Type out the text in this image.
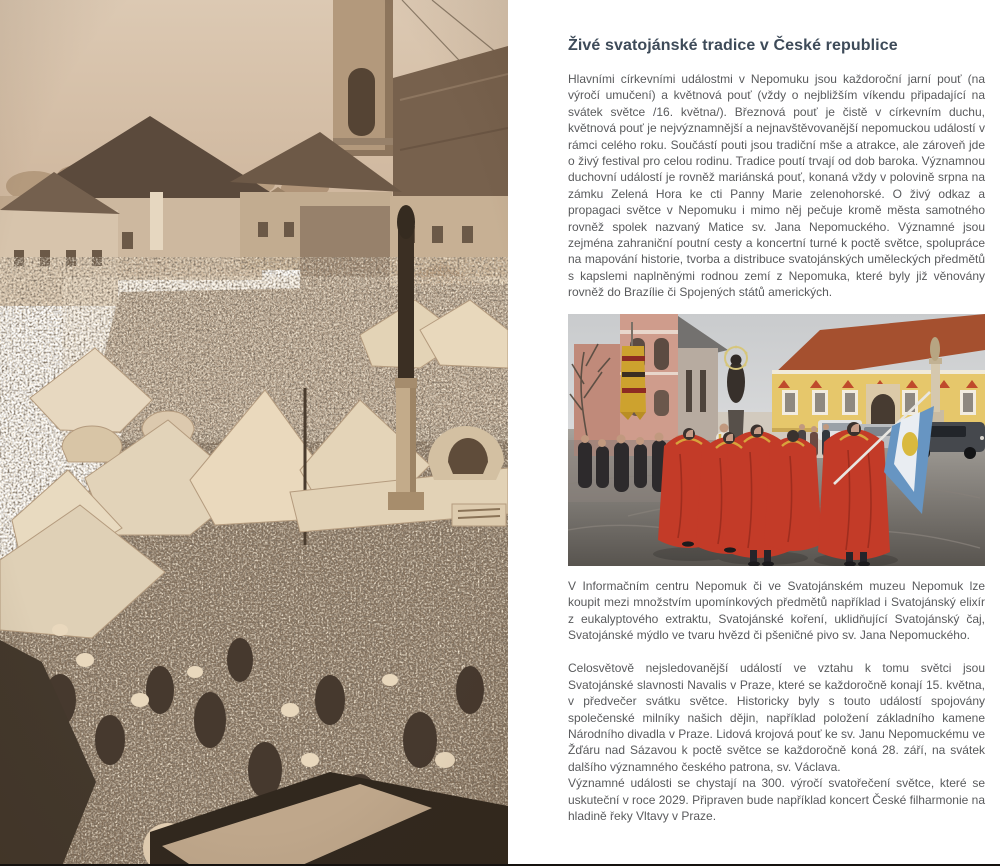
Živé svatojánské tradice v České republice

Hlavními církevními událostmi v Nepomuku jsou každoroční jarní pouť (na výročí umučení) a květnová pouť (vždy o nejbližším víkendu připadající na svátek světce /16. května/). Březnová pouť je čistě v církevním duchu, květnová pouť je nejvýznamnější a nejnavštěvovanější nepomuckou událostí v rámci celého roku. Součástí pouti jsou tradiční mše a atrakce, ale zároveň jde o živý festival pro celou rodinu. Tradice poutí trvají od dob baroka. Významnou duchovní událostí je rovněž mariánská pouť, konaná vždy v polovině srpna na zámku Zelená Hora ke cti Panny Marie zelenohorské. O živý odkaz a propagaci světce v Nepomuku i mimo něj pečuje kromě města samotného rovněž spolek nazvaný Matice sv. Jana Nepomuckého. Významné jsou zejména zahraniční poutní cesty a koncertní turné k poctě světce, spolupráce na mapování historie, tvorba a distribuce svatojánských uměleckých předmětů s kapslemi naplněnými rodnou zemí z Nepomuka, které byly již věnovány rovněž do Brazílie či Spojených států amerických.

V Informačním centru Nepomuk či ve Svatojánském muzeu Nepomuk lze koupit mezi množstvím upomínkových předmětů například i Svatojánský elixír z eukalyptového extraktu, Svatojánské koření, uklidňující Svatojánský čaj, Svatojánské mýdlo ve tvaru hvězd či pšeničné pivo sv. Jana Nepomuckého.

Celosvětově nejsledovanější událostí ve vztahu k tomu světci jsou Svatojánské slavnosti Navalis v Praze, které se každoročně konají 15. května, v předvečer svátku světce. Historicky byly s touto událostí spojovány společenské milníky našich dějin, například položení základního kamene Národního divadla v Praze. Lidová krojová pouť ke sv. Janu Nepomuckému ve Žďáru nad Sázavou k poctě světce se každoročně koná 28. září, na svátek dalšího významného českého patrona, sv. Václava.

Významné události se chystají na 300. výročí svatořečení světce, které se uskuteční v roce 2029. Připraven bude například koncert České filharmonie na hladině řeky Vltavy v Praze.
